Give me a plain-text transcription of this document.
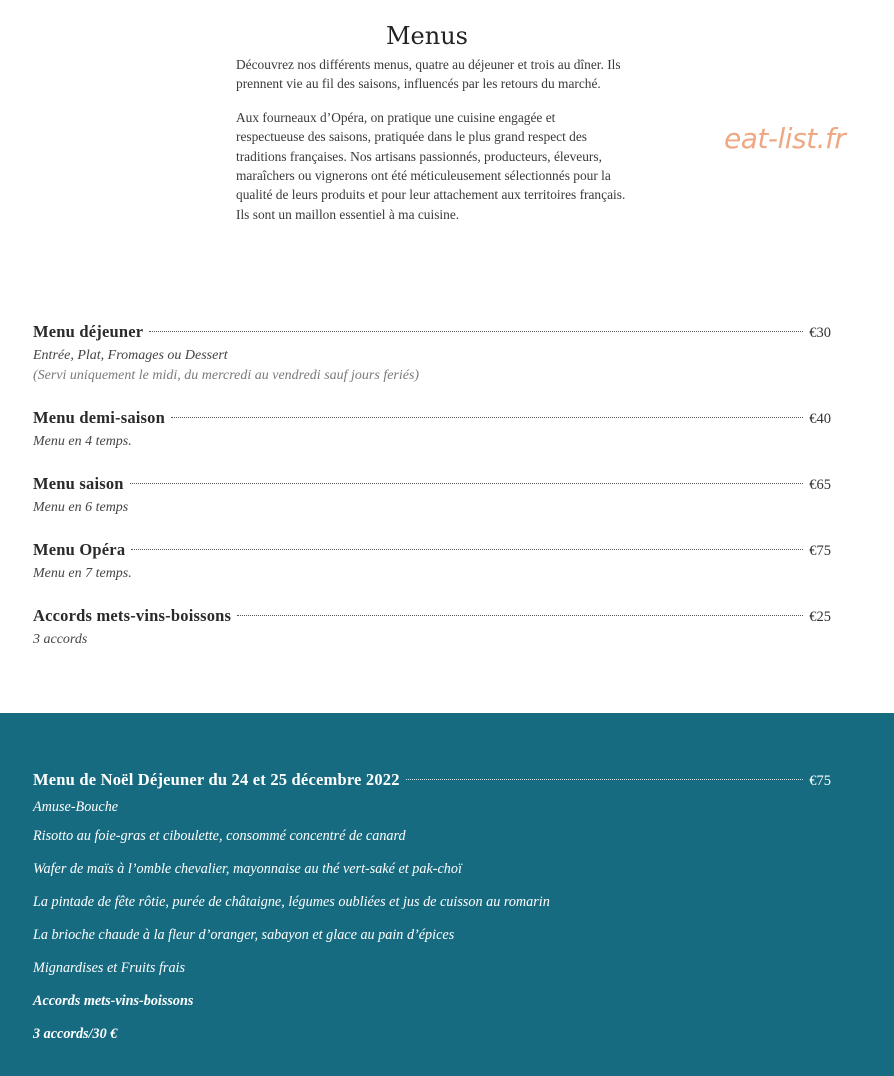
Menus

Découvrez nos différents menus, quatre au déjeuner et trois au dîner. Ils prennent vie au fil des saisons, influencés par les retours du marché.

Aux fourneaux d’Opéra, on pratique une cuisine engagée et respectueuse des saisons, pratiquée dans le plus grand respect des traditions françaises. Nos artisans passionnés, producteurs, éleveurs, maraîchers ou vignerons ont été méticuleusement sélectionnés pour la qualité de leurs produits et pour leur attachement aux territoires français. Ils sont un maillon essentiel à ma cuisine.

eat-list.fr
Menu déjeuner	€30
Entrée, Plat, Fromages ou Dessert
(Servi uniquement le midi, du mercredi au vendredi sauf jours feriés)
Menu demi-saison	€40
Menu en 4 temps.
Menu saison	€65
Menu en 6 temps
Menu Opéra	€75
Menu en 7 temps.
Accords mets-vins-boissons	€25
3 accords
Menu de Noël Déjeuner du 24 et 25 décembre 2022	€75
Amuse-Bouche
Risotto au foie-gras et ciboulette, consommé concentré de canard
Wafer de maïs à l’omble chevalier, mayonnaise au thé vert-saké et pak-choï
La pintade de fête rôtie, purée de châtaigne, légumes oubliées et jus de cuisson au romarin
La brioche chaude à la fleur d’oranger, sabayon et glace au pain d’épices
Mignardises et Fruits frais
Accords mets-vins-boissons
3 accords/30 €
